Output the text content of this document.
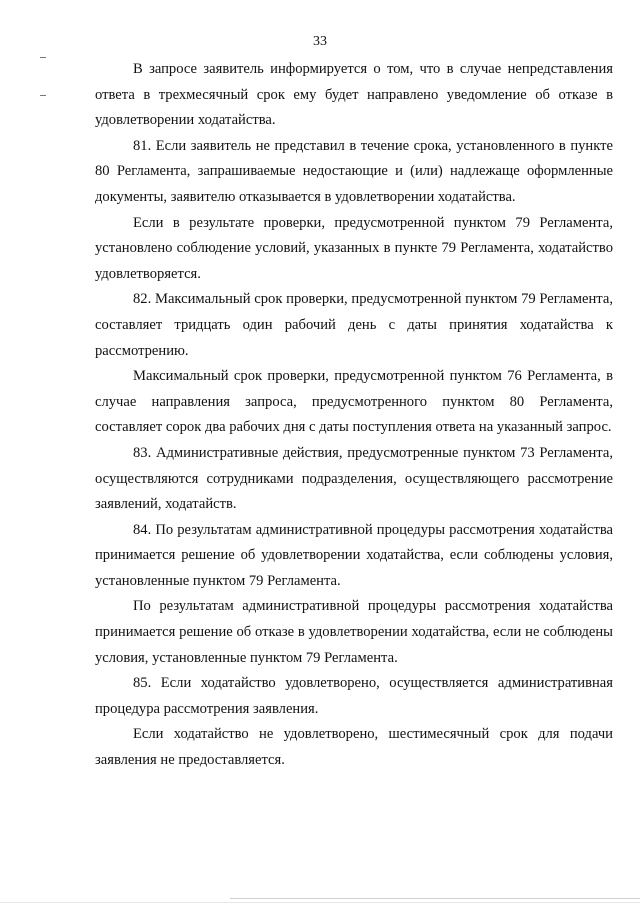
33

В запросе заявитель информируется о том, что в случае непредставления ответа в трехмесячный срок ему будет направлено уведомление об отказе в удовлетворении ходатайства.

81. Если заявитель не представил в течение срока, установленного в пункте 80 Регламента, запрашиваемые недостающие и (или) надлежаще оформленные документы, заявителю отказывается в удовлетворении ходатайства.

Если в результате проверки, предусмотренной пунктом 79 Регламента, установлено соблюдение условий, указанных в пункте 79 Регламента, ходатайство удовлетворяется.

82. Максимальный срок проверки, предусмотренной пунктом 79 Регламента, составляет тридцать один рабочий день с даты принятия ходатайства к рассмотрению.

Максимальный срок проверки, предусмотренной пунктом 76 Регламента, в случае направления запроса, предусмотренного пунктом 80 Регламента, составляет сорок два рабочих дня с даты поступления ответа на указанный запрос.

83. Административные действия, предусмотренные пунктом 73 Регламента, осуществляются сотрудниками подразделения, осуществляющего рассмотрение заявлений, ходатайств.

84. По результатам административной процедуры рассмотрения ходатайства принимается решение об удовлетворении ходатайства, если соблюдены условия, установленные пунктом 79 Регламента.

По результатам административной процедуры рассмотрения ходатайства принимается решение об отказе в удовлетворении ходатайства, если не соблюдены условия, установленные пунктом 79 Регламента.

85. Если ходатайство удовлетворено, осуществляется административная процедура рассмотрения заявления.

Если ходатайство не удовлетворено, шестимесячный срок для подачи заявления не предоставляется.
